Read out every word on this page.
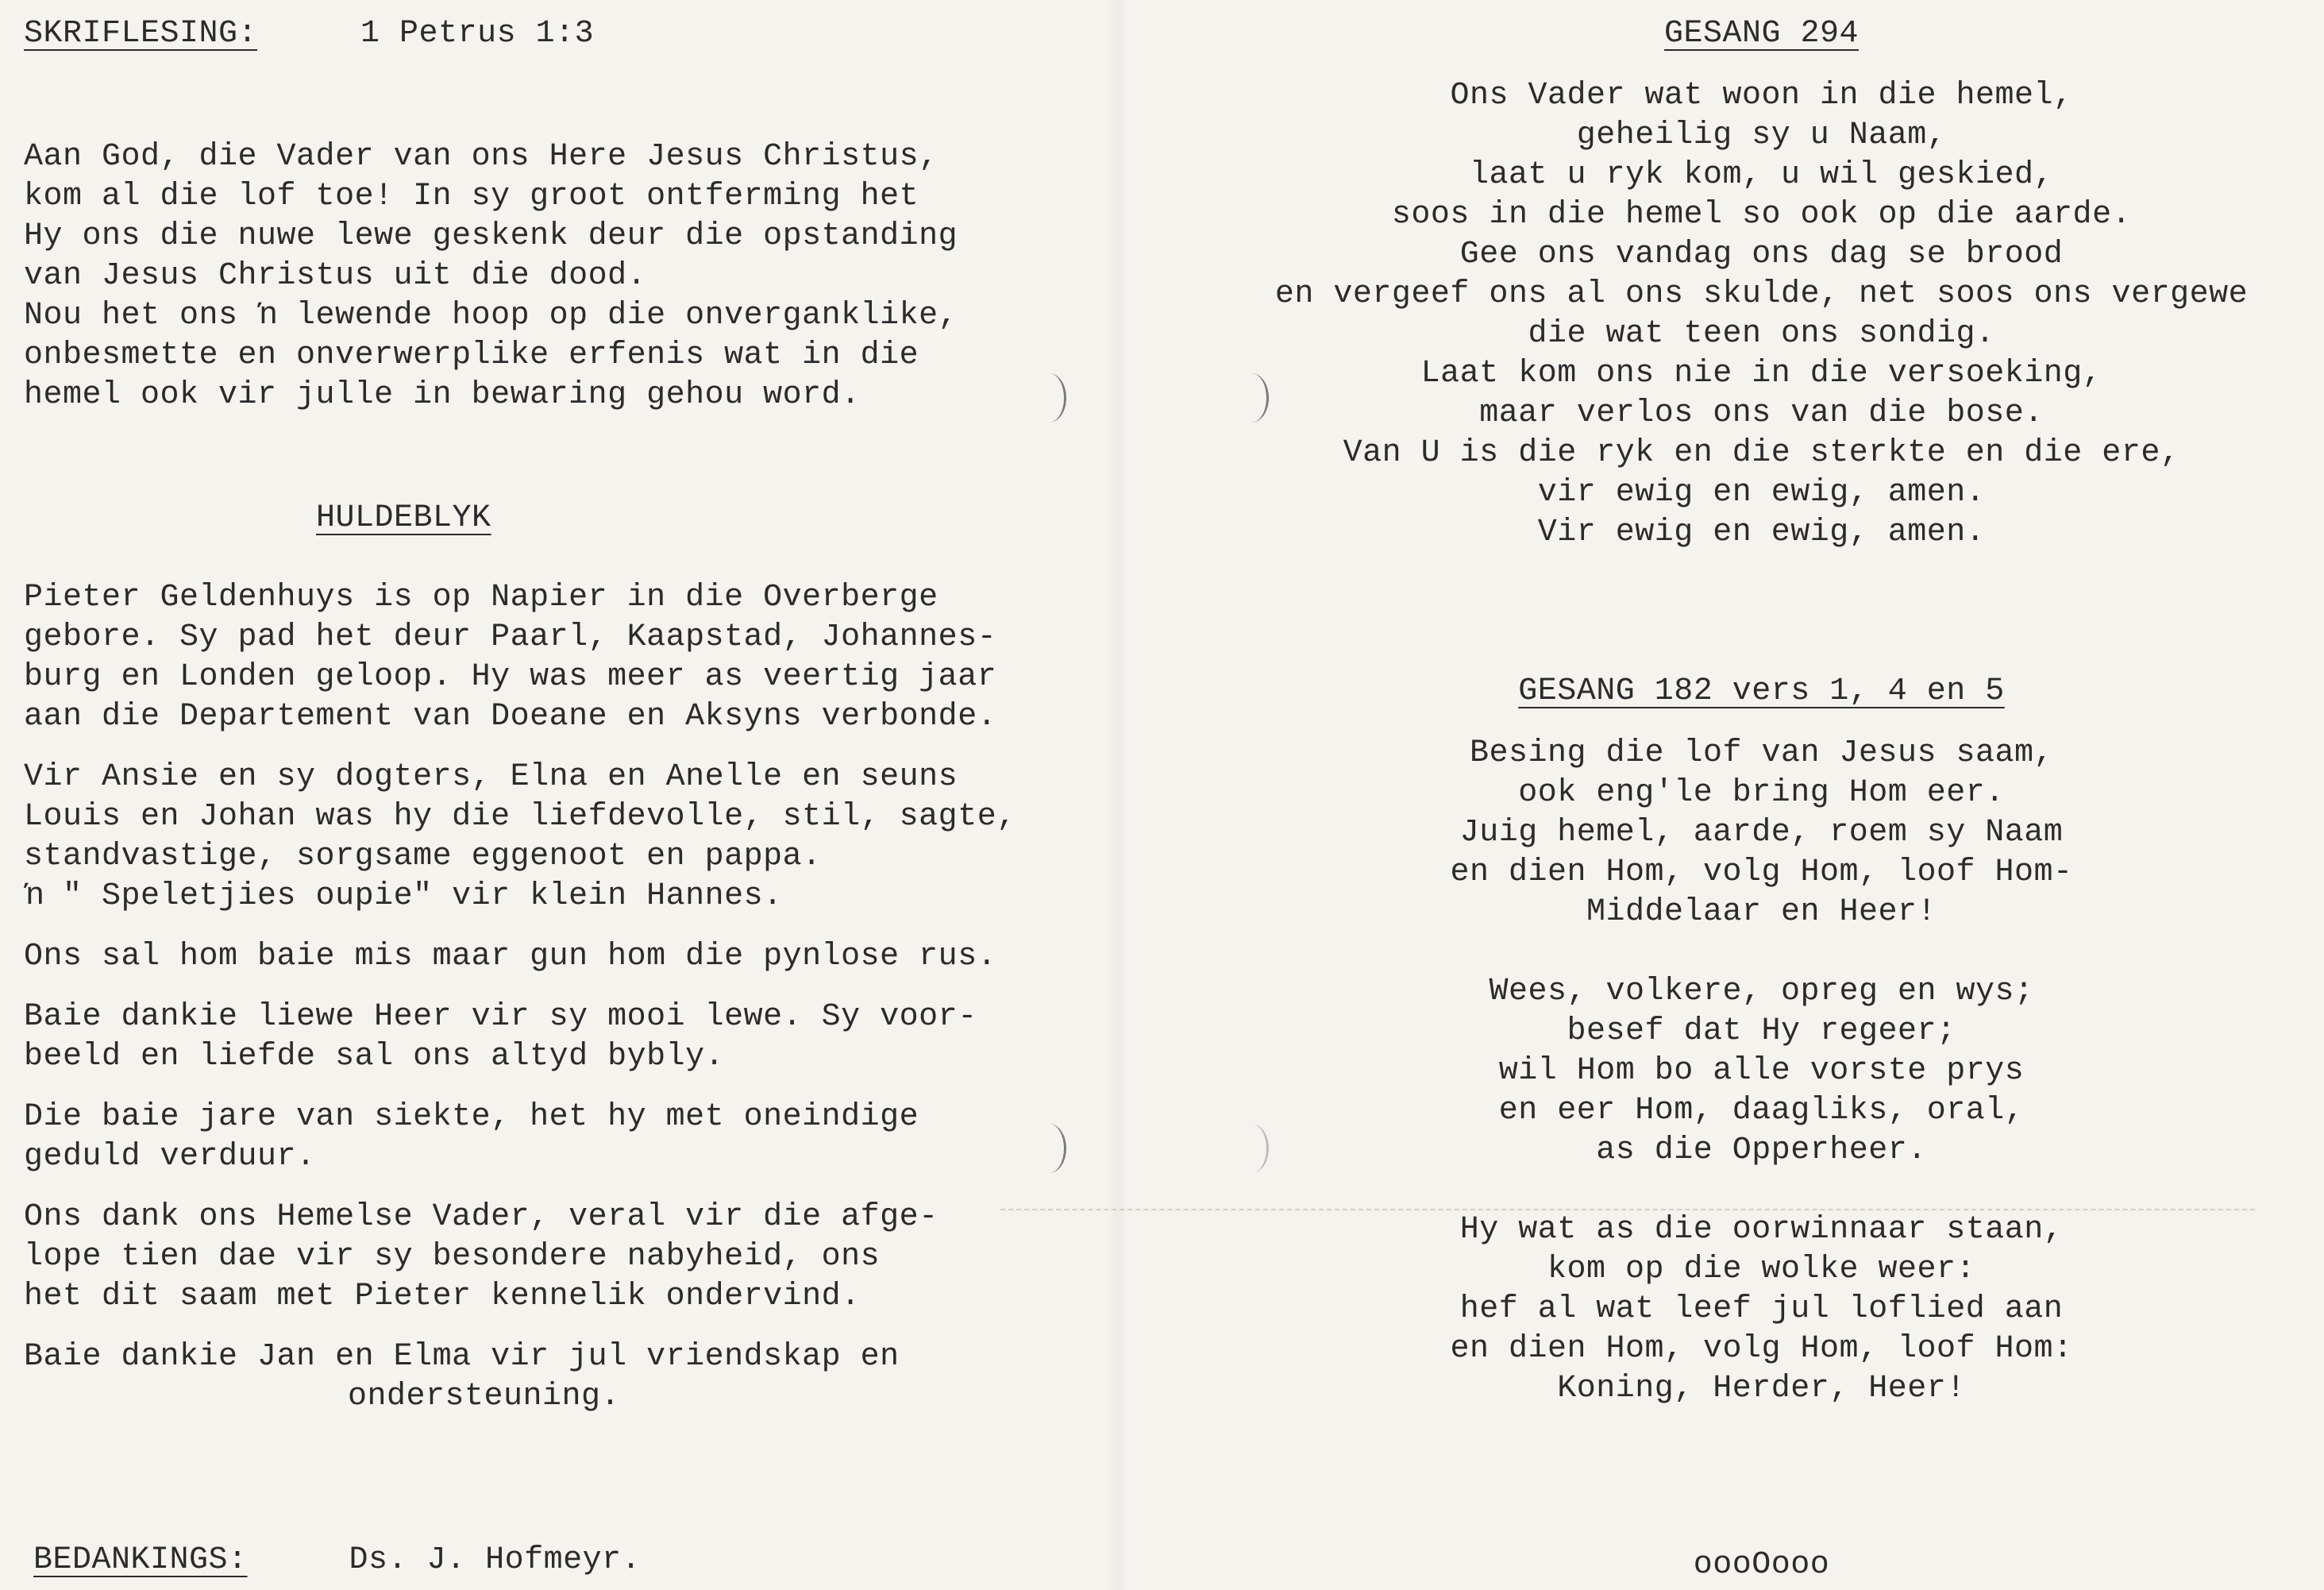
SKRIFLESING:	1 Petrus 1:3
Aan God, die Vader van ons Here Jesus Christus,
kom al die lof toe! In sy groot ontferming het
Hy ons die nuwe lewe geskenk deur die opstanding
van Jesus Christus uit die dood.
Nou het ons ŉ lewende hoop op die onverganklike,
onbesmette en onverwerplike erfenis wat in die
hemel ook vir julle in bewaring gehou word.
HULDEBLYK
Pieter Geldenhuys is op Napier in die Overberge
gebore. Sy pad het deur Paarl, Kaapstad, Johannes-
burg en Londen geloop. Hy was meer as veertig jaar
aan die Departement van Doeane en Aksyns verbonde.
Vir Ansie en sy dogters, Elna en Anelle en seuns
Louis en Johan was hy die liefdevolle, stil, sagte,
standvastige, sorgsame eggenoot en pappa.
ŉ " Speletjies oupie" vir klein Hannes.
Ons sal hom baie mis maar gun hom die pynlose rus.
Baie dankie liewe Heer vir sy mooi lewe. Sy voor-
beeld en liefde sal ons altyd bybly.
Die baie jare van siekte, het hy met oneindige
geduld verduur.
Ons dank ons Hemelse Vader, veral vir die afge-
lope tien dae vir sy besondere nabyheid, ons
het dit saam met Pieter kennelik ondervind.
Baie dankie Jan en Elma vir jul vriendskap en
ondersteuning.
BEDANKINGS:	Ds. J. Hofmeyr.
GESANG 294
Ons Vader wat woon in die hemel,
geheilig sy u Naam,
laat u ryk kom, u wil geskied,
soos in die hemel so ook op die aarde.
Gee ons vandag ons dag se brood
en vergeef ons al ons skulde, net soos ons vergewe
die wat teen ons sondig.
Laat kom ons nie in die versoeking,
maar verlos ons van die bose.
Van U is die ryk en die sterkte en die ere,
vir ewig en ewig, amen.
Vir ewig en ewig, amen.
GESANG 182 vers 1, 4 en 5
Besing die lof van Jesus saam,
ook eng'le bring Hom eer.
Juig hemel, aarde, roem sy Naam
en dien Hom, volg Hom, loof Hom-
Middelaar en Heer!
Wees, volkere, opreg en wys;
besef dat Hy regeer;
wil Hom bo alle vorste prys
en eer Hom, daagliks, oral,
as die Opperheer.
Hy wat as die oorwinnaar staan,
kom op die wolke weer:
hef al wat leef jul loflied aan
en dien Hom, volg Hom, loof Hom:
Koning, Herder, Heer!
oooOooo
